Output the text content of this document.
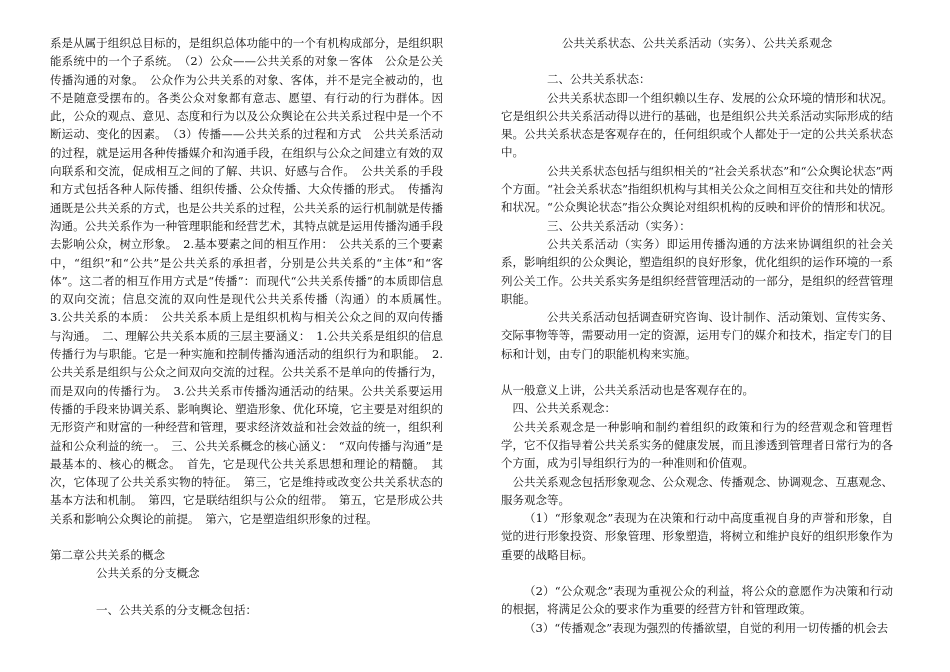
系是从属于组织总目标的，是组织总体功能中的一个有机构成部分，是组织职能系统中的一个子系统。　（2）公众——公共关系的对象－客体　公众是公关传播沟通的对象。　公众作为公共关系的对象、客体，并不是完全被动的，也不是随意受摆布的。各类公众对象都有意志、愿望、有行动的行为群体。因此，公众的观点、意见、态度和行为以及公众舆论在公共关系过程中是一个不断运动、变化的因素。　（3）传播——公共关系的过程和方式　公共关系活动的过程，就是运用各种传播媒介和沟通手段，在组织与公众之间建立有效的双向联系和交流，促成相互之间的了解、共识、好感与合作。　公共关系的手段和方式包括各种人际传播、组织传播、公众传播、大众传播的形式。　传播沟通既是公共关系的方式，也是公共关系的过程，公共关系的运行机制就是传播沟通。公共关系作为一种管理职能和经营艺术，其特点就是运用传播沟通手段去影响公众，树立形象。　2.基本要素之间的相互作用：　公共关系的三个要素中，“组织”和“公共”是公共关系的承担者，分别是公共关系的“主体”和“客体”。这二者的相互作用方式是“传播”：而现代“公共关系传播”的本质即信息的双向交流；信息交流的双向性是现代公共关系传播（沟通）的本质属性。　3.公共关系的本质：　公共关系本质上是组织机构与相关公众之间的双向传播与沟通。　二、理解公共关系本质的三层主要涵义：　1.公共关系是组织的信息传播行为与职能。它是一种实施和控制传播沟通活动的组织行为和职能。　2.公共关系是组织与公众之间双向交流的过程。公共关系不是单向的传播行为，而是双向的传播行为。　3.公共关系市传播沟通活动的结果。公共关系要运用传播的手段来协调关系、影响舆论、塑造形象、优化环境，它主要是对组织的无形资产和财富的一种经营和管理，要求经济效益和社会效益的统一，组织利益和公众利益的统一。　三、公共关系概念的核心涵义：　“双向传播与沟通”是最基本的、核心的概念。　首先，它是现代公共关系思想和理论的精髓。　其次，它体现了公共关系实物的特征。　第三，它是维持或改变公共关系状态的基本方法和机制。　第四，它是联结组织与公众的纽带。　第五，它是形成公共关系和影响公众舆论的前提。　第六，它是塑造组织形象的过程。

第二章公共关系的概念

公共关系的分支概念

一、公共关系的分支概念包括：

公共关系状态、公共关系活动（实务）、公共关系观念

二、公共关系状态：

公共关系状态即一个组织赖以生存、发展的公众环境的情形和状况。它是组织公共关系活动得以进行的基础，也是组织公共关系活动实际形成的结果。公共关系状态是客观存在的，任何组织或个人都处于一定的公共关系状态中。

公共关系状态包括与组织相关的“社会关系状态”和“公众舆论状态”两个方面。“社会关系状态”指组织机构与其相关公众之间相互交往和共处的情形和状况。“公众舆论状态”指公众舆论对组织机构的反映和评价的情形和状况。

三、公共关系活动（实务）：

公共关系活动（实务）即运用传播沟通的方法来协调组织的社会关系，影响组织的公众舆论，塑造组织的良好形象，优化组织的运作环境的一系列公关工作。公共关系实务是组织经营管理活动的一部分，是组织的经营管理职能。

公共关系活动包括调查研究咨询、设计制作、活动策划、宣传实务、交际事物等等，需要动用一定的资源，运用专门的媒介和技术，指定专门的目标和计划，由专门的职能机构来实施。

从一般意义上讲，公共关系活动也是客观存在的。

四、公共关系观念：

公共关系观念是一种影响和制约着组织的政策和行为的经营观念和管理哲学，它不仅指导着公共关系实务的健康发展，而且渗透到管理者日常行为的各个方面，成为引导组织行为的一种准则和价值观。

公共关系观念包括形象观念、公众观念、传播观念、协调观念、互惠观念、服务观念等。

（1）“形象观念”表现为在决策和行动中高度重视自身的声誉和形象，自觉的进行形象投资、形象管理、形象塑造，将树立和维护良好的组织形象作为重要的战略目标。

（2）“公众观念”表现为重视公众的利益，将公众的意愿作为决策和行动的根据，将满足公众的要求作为重要的经营方针和管理政策。

（3）“传播观念”表现为强烈的传播欲望，自觉的利用一切传播的机会去
